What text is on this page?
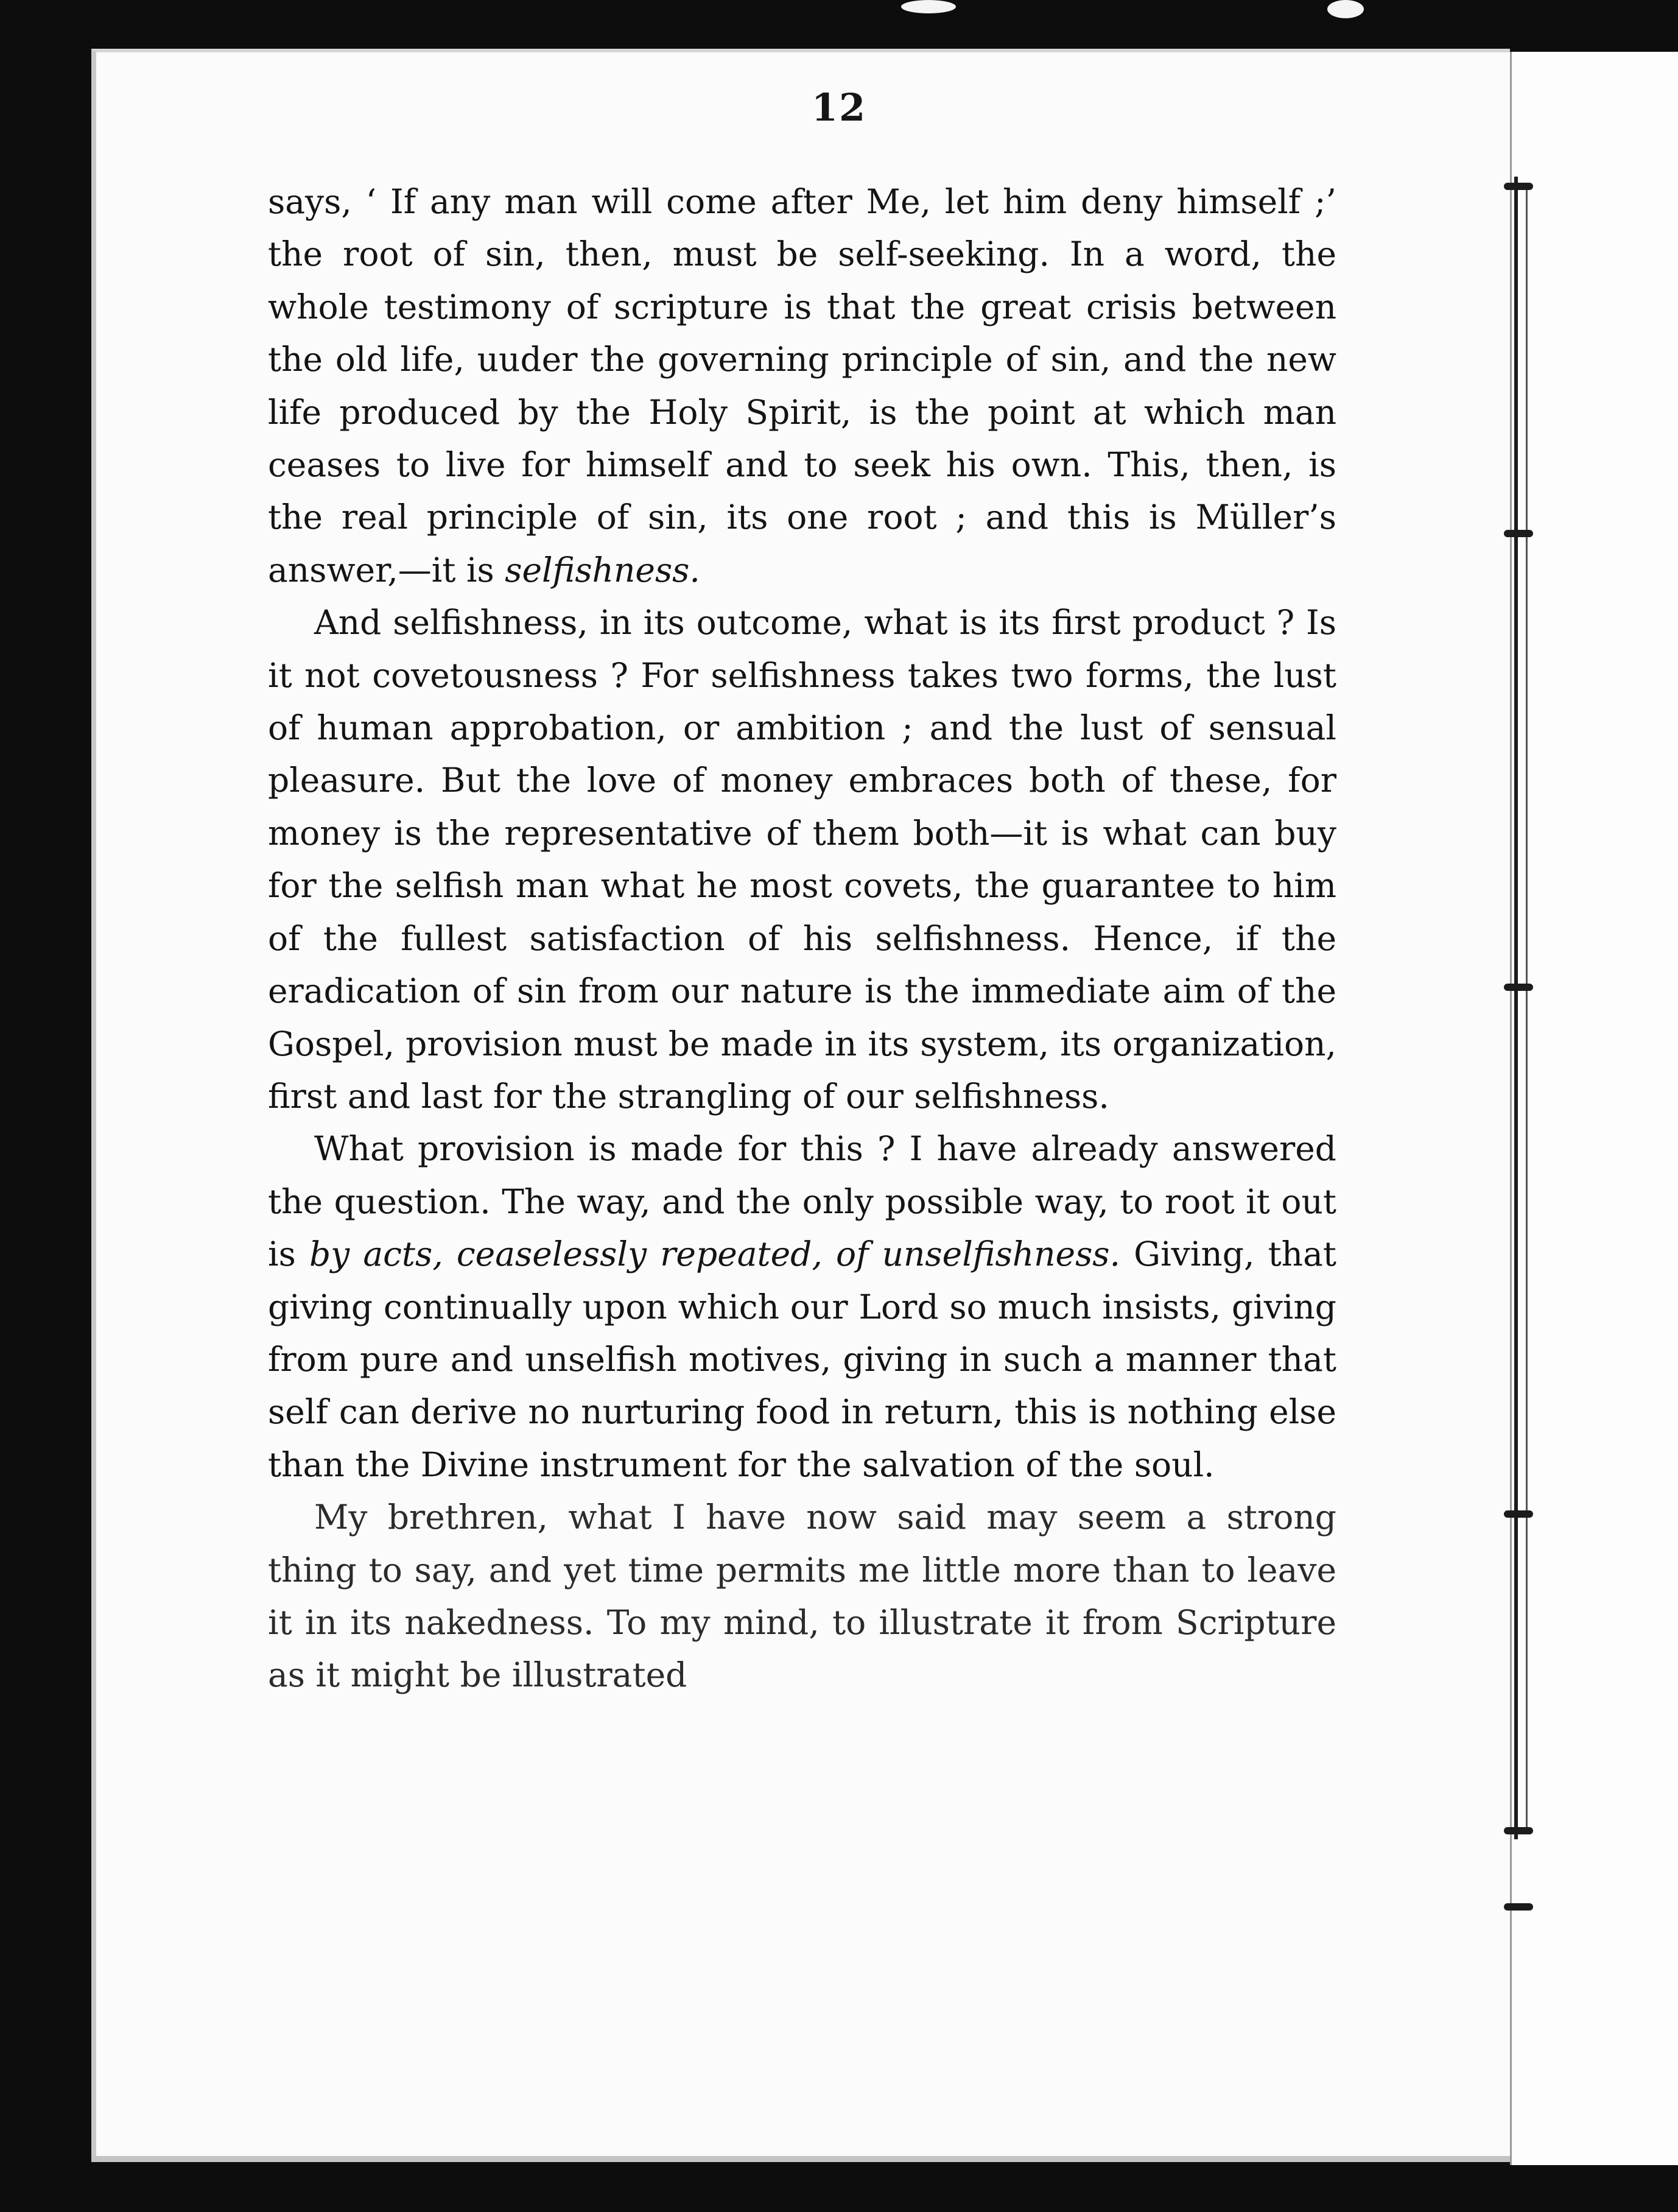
12

says, ‘ If any man will come after Me, let him deny himself ;’ the root of sin, then, must be self-seeking. In a word, the whole testimony of scripture is that the great crisis between the old life, uuder the governing principle of sin, and the new life produced by the Holy Spirit, is the point at which man ceases to live for himself and to seek his own. This, then, is the real principle of sin, its one root ; and this is Müller’s answer,—it is selfishness.

And selfishness, in its outcome, what is its first product ? Is it not covetousness ? For selfishness takes two forms, the lust of human approbation, or ambition ; and the lust of sensual pleasure. But the love of money embraces both of these, for money is the representative of them both—it is what can buy for the selfish man what he most covets, the guarantee to him of the fullest satisfaction of his selfishness. Hence, if the eradication of sin from our nature is the immediate aim of the Gospel, provision must be made in its system, its organization, first and last for the strangling of our selfishness.

What provision is made for this ? I have already answered the question. The way, and the only possible way, to root it out is by acts, ceaselessly repeated, of unselfishness. Giving, that giving continually upon which our Lord so much insists, giving from pure and unselfish motives, giving in such a manner that self can derive no nurturing food in return, this is nothing else than the Divine instrument for the salvation of the soul.

My brethren, what I have now said may seem a strong thing to say, and yet time permits me little more than to leave it in its nakedness. To my mind, to illustrate it from Scripture as it might be illustrated
